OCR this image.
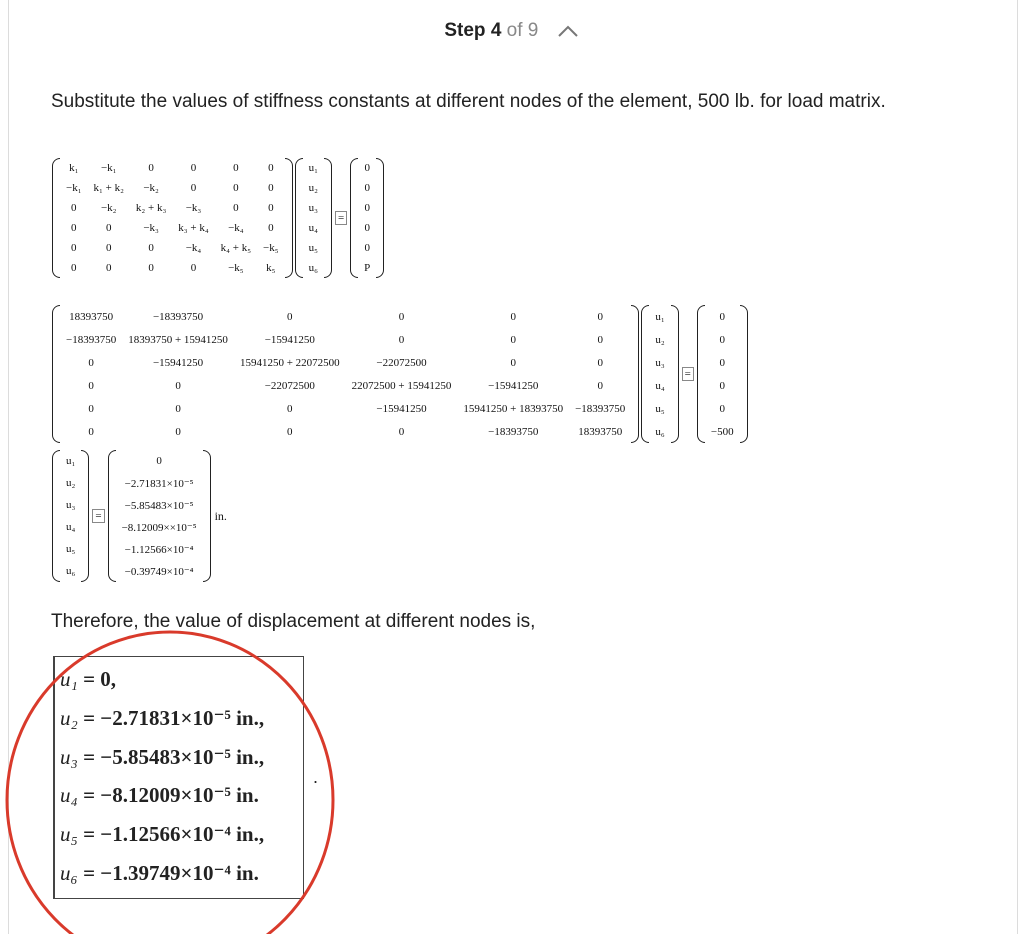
Step 4 of 9
Substitute the values of stiffness constants at different nodes of the element, 500 lb. for load matrix.
k₁	−k₁	0	0	0	0
−k₁	k₁ + k₂	−k₂	0	0	0
0	−k₂	k₂ + k₃	−k₃	0	0
0	0	−k₃	k₃ + k₄	−k₄	0
0	0	0	−k₄	k₄ + k₅	−k₅
0	0	0	0	−k₅	k₅
u₁
u₂
u₃
u₄
u₅
u₆
=
0
0
0
0
0
P
18393750	−18393750	0	0	0	0
−18393750	18393750 + 15941250	−15941250	0	0	0
0	−15941250	15941250 + 22072500	−22072500	0	0
0	0	−22072500	22072500 + 15941250	−15941250	0
0	0	0	−15941250	15941250 + 18393750	−18393750
0	0	0	0	−18393750	18393750
u₁
u₂
u₃
u₄
u₅
u₆
=
0
0
0
0
0
−500
u₁
u₂
u₃
u₄
u₅
u₆
=
0
−2.71831×10⁻⁵
−5.85483×10⁻⁵
−8.12009××10⁻⁵
−1.12566×10⁻⁴
−0.39749×10⁻⁴
in.
Therefore, the value of displacement at different nodes is,
u₁ = 0,
u₂ = −2.71831×10⁻⁵ in.,
u₃ = −5.85483×10⁻⁵ in.,
u₄ = −8.12009×10⁻⁵ in.
u₅ = −1.12566×10⁻⁴ in.,
u₆ = −1.39749×10⁻⁴ in.
.
